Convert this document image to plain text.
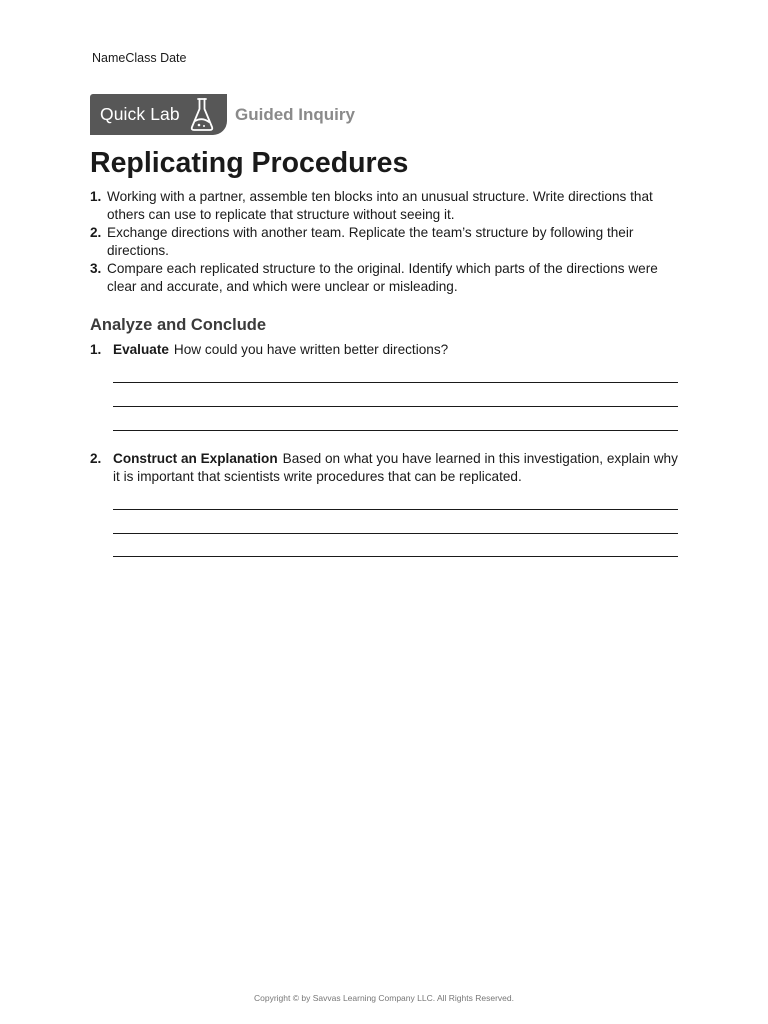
NameClass Date
Quick Lab	Guided Inquiry
Replicating Procedures
1. Working with a partner, assemble ten blocks into an unusual structure. Write directions that others can use to replicate that structure without seeing it.
2. Exchange directions with another team. Replicate the team’s structure by following their directions.
3. Compare each replicated structure to the original. Identify which parts of the directions were clear and accurate, and which were unclear or misleading.
Analyze and Conclude
1. Evaluate How could you have written better directions?
2. Construct an Explanation Based on what you have learned in this investigation, explain why it is important that scientists write procedures that can be replicated.
Copyright © by Savvas Learning Company LLC. All Rights Reserved.
